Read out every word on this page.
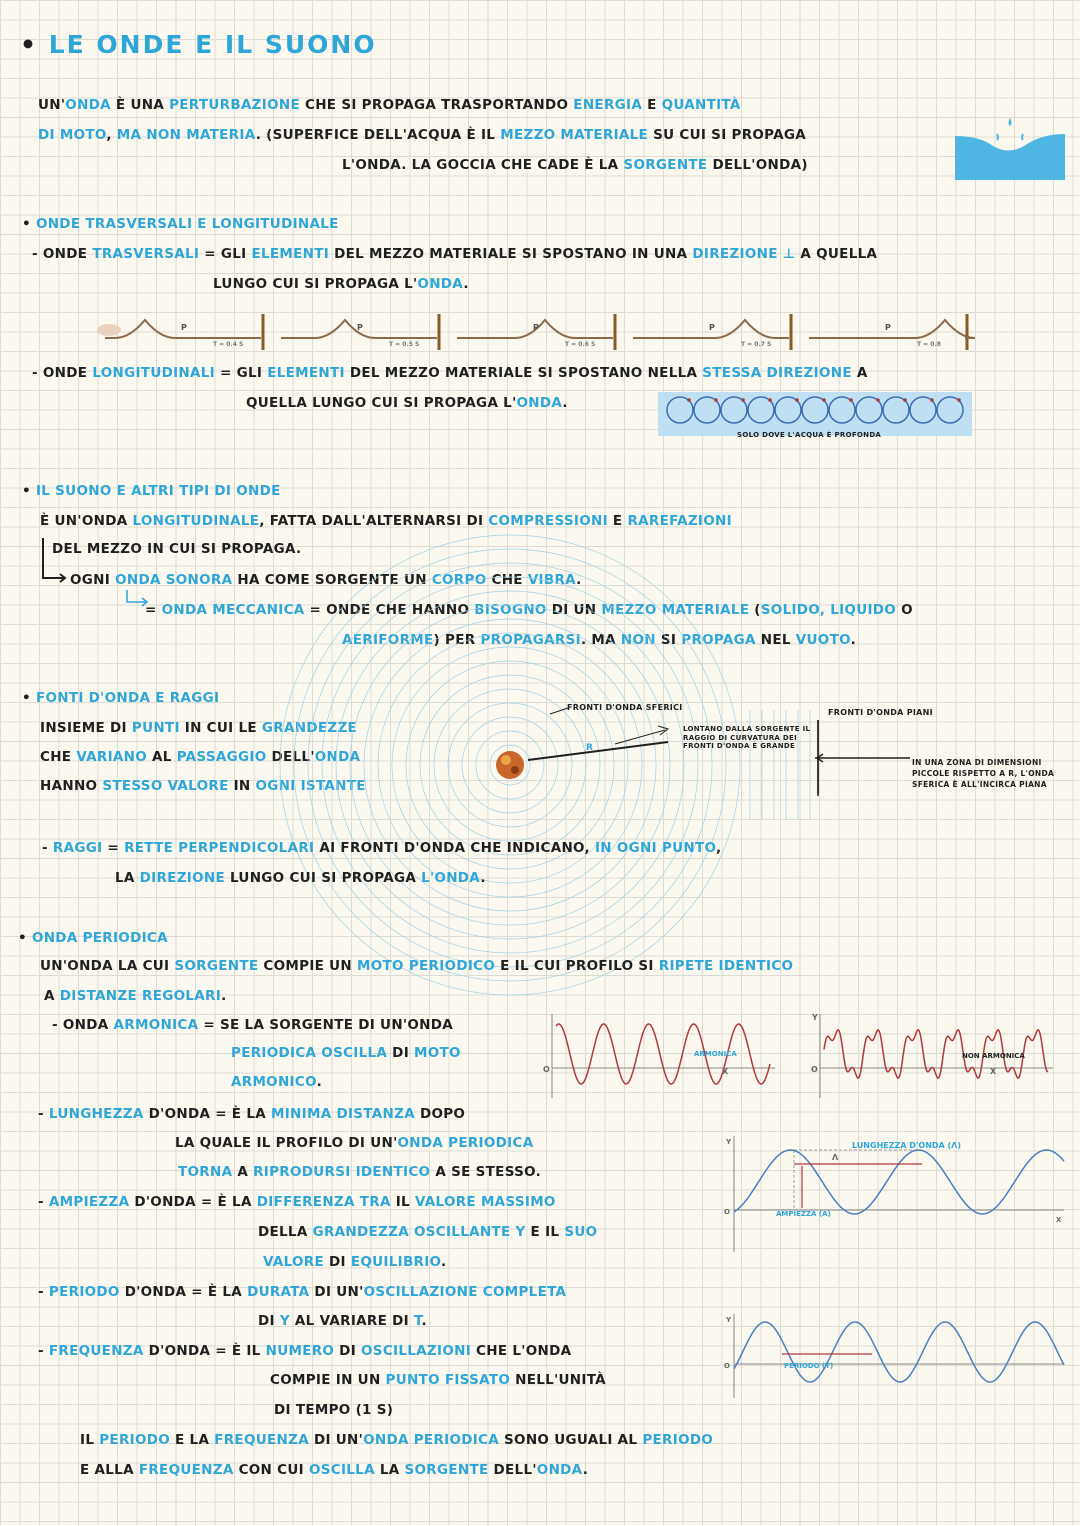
• LE ONDE E IL SUONO
UN'ONDA È UNA PERTURBAZIONE CHE SI PROPAGA TRASPORTANDO ENERGIA E QUANTITÀ
DI MOTO, MA NON MATERIA. (SUPERFICE DELL'ACQUA È IL MEZZO MATERIALE SU CUI SI PROPAGA
L'ONDA. LA GOCCIA CHE CADE È LA SORGENTE DELL'ONDA)
• ONDE TRASVERSALI E LONGITUDINALE
- ONDE TRASVERSALI = GLI ELEMENTI DEL MEZZO MATERIALE SI SPOSTANO IN UNA DIREZIONE ⊥ A QUELLA
LUNGO CUI SI PROPAGA L'ONDA.
P
T = 0.4 S
P
T = 0.5 S
P
T = 0.6 S
P
T = 0.7 S
P
T = 0.8
- ONDE LONGITUDINALI = GLI ELEMENTI DEL MEZZO MATERIALE SI SPOSTANO NELLA STESSA DIREZIONE A
QUELLA LUNGO CUI SI PROPAGA L'ONDA.
SOLO DOVE L'ACQUA È PROFONDA
• IL SUONO E ALTRI TIPI DI ONDE
È UN'ONDA LONGITUDINALE, FATTA DALL'ALTERNARSI DI COMPRESSIONI E RAREFAZIONI
DEL MEZZO IN CUI SI PROPAGA.
OGNI ONDA SONORA HA COME SORGENTE UN CORPO CHE VIBRA.
= ONDA MECCANICA = ONDE CHE HANNO BISOGNO DI UN MEZZO MATERIALE (SOLIDO, LIQUIDO O
AERIFORME) PER PROPAGARSI. MA NON SI PROPAGA NEL VUOTO.
• FONTI D'ONDA E RAGGI
INSIEME DI PUNTI IN CUI LE GRANDEZZE
CHE VARIANO AL PASSAGGIO DELL'ONDA
HANNO STESSO VALORE IN OGNI ISTANTE
R
FRONTI D'ONDA SFERICI
FRONTI D'ONDA PIANI
LONTANO DALLA SORGENTE IL RAGGIO DI CURVATURA DEI FRONTI D'ONDA È GRANDE
IN UNA ZONA DI DIMENSIONI PICCOLE RISPETTO A R, L'ONDA SFERICA È ALL'INCIRCA PIANA
- RAGGI = RETTE PERPENDICOLARI AI FRONTI D'ONDA CHE INDICANO, IN OGNI PUNTO,
LA DIREZIONE LUNGO CUI SI PROPAGA L'ONDA.
• ONDA PERIODICA
UN'ONDA LA CUI SORGENTE COMPIE UN MOTO PERIODICO E IL CUI PROFILO SI RIPETE IDENTICO
A DISTANZE REGOLARI.
- ONDA ARMONICA = SE LA SORGENTE DI UN'ONDA
PERIODICA OSCILLA DI MOTO
ARMONICO.
O	X
ARMONICA
Y
O	X
NON ARMONICA
- LUNGHEZZA D'ONDA = È LA MINIMA DISTANZA DOPO
LA QUALE IL PROFILO DI UN'ONDA PERIODICA
TORNA A RIPRODURSI IDENTICO A SE STESSO.
- AMPIEZZA D'ONDA = È LA DIFFERENZA TRA IL VALORE MASSIMO
DELLA GRANDEZZA OSCILLANTE Y E IL SUO
VALORE DI EQUILIBRIO.
Λ
LUNGHEZZA D'ONDA (Λ)
AMPIEZZA (A)
O
X
Y
- PERIODO D'ONDA = È LA DURATA DI UN'OSCILLAZIONE COMPLETA
DI Y AL VARIARE DI T.
- FREQUENZA D'ONDA = È IL NUMERO DI OSCILLAZIONI CHE L'ONDA
COMPIE IN UN PUNTO FISSATO NELL'UNITÀ
DI TEMPO (1 S)
PERIODO (T)
O
Y
IL PERIODO E LA FREQUENZA DI UN'ONDA PERIODICA SONO UGUALI AL PERIODO
E ALLA FREQUENZA CON CUI OSCILLA LA SORGENTE DELL'ONDA.
